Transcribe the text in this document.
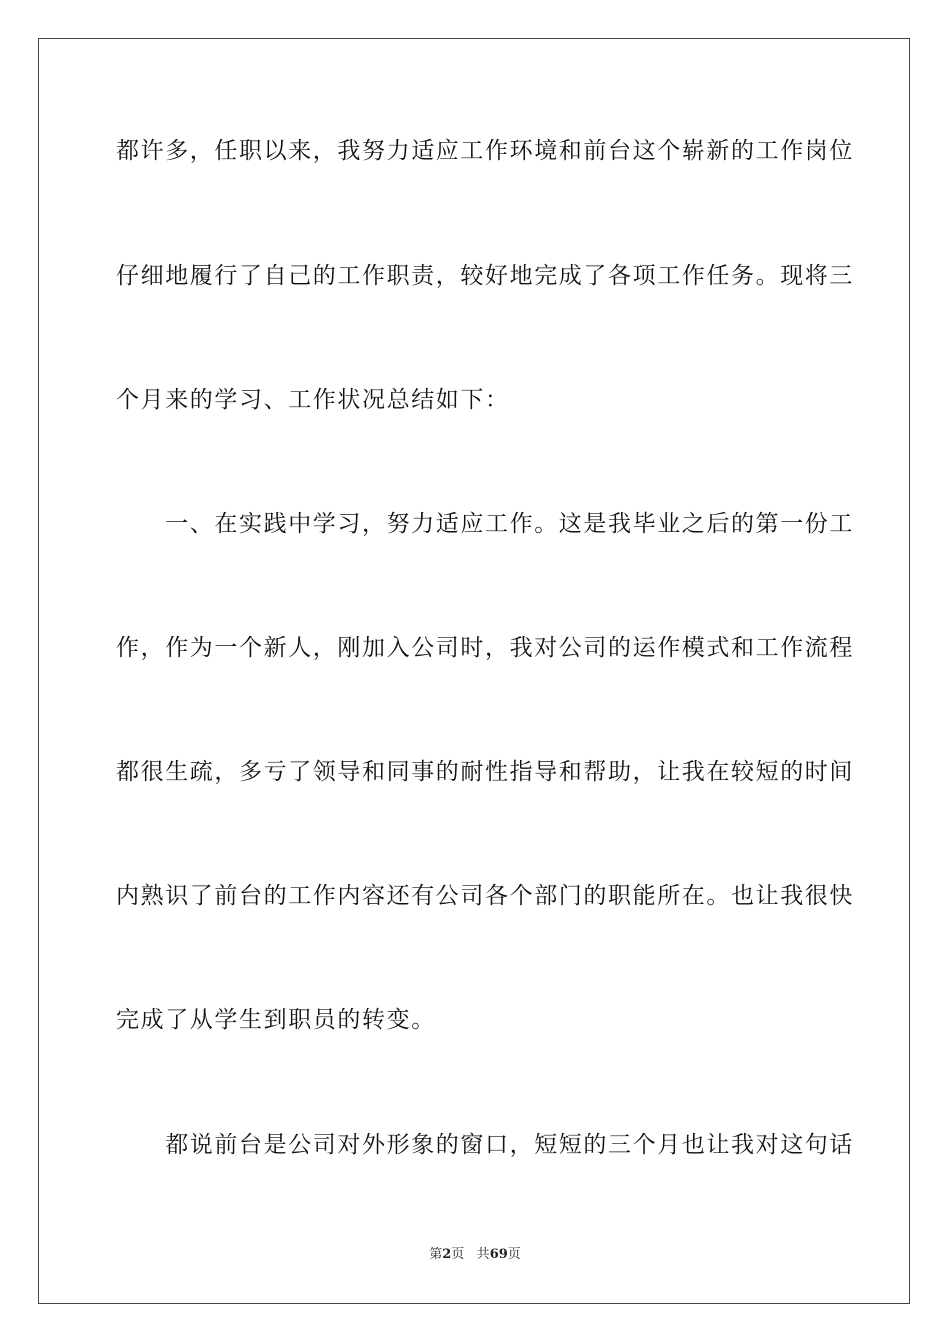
都许多，任职以来，我努力适应工作环境和前台这个崭新的工作岗位
仔细地履行了自己的工作职责，较好地完成了各项工作任务。现将三
个月来的学习、工作状况总结如下：
　　一、在实践中学习，努力适应工作。这是我毕业之后的第一份工
作，作为一个新人，刚加入公司时，我对公司的运作模式和工作流程
都很生疏，多亏了领导和同事的耐性指导和帮助，让我在较短的时间
内熟识了前台的工作内容还有公司各个部门的职能所在。也让我很快
完成了从学生到职员的转变。
　　都说前台是公司对外形象的窗口，短短的三个月也让我对这句话
第2页 共69页
